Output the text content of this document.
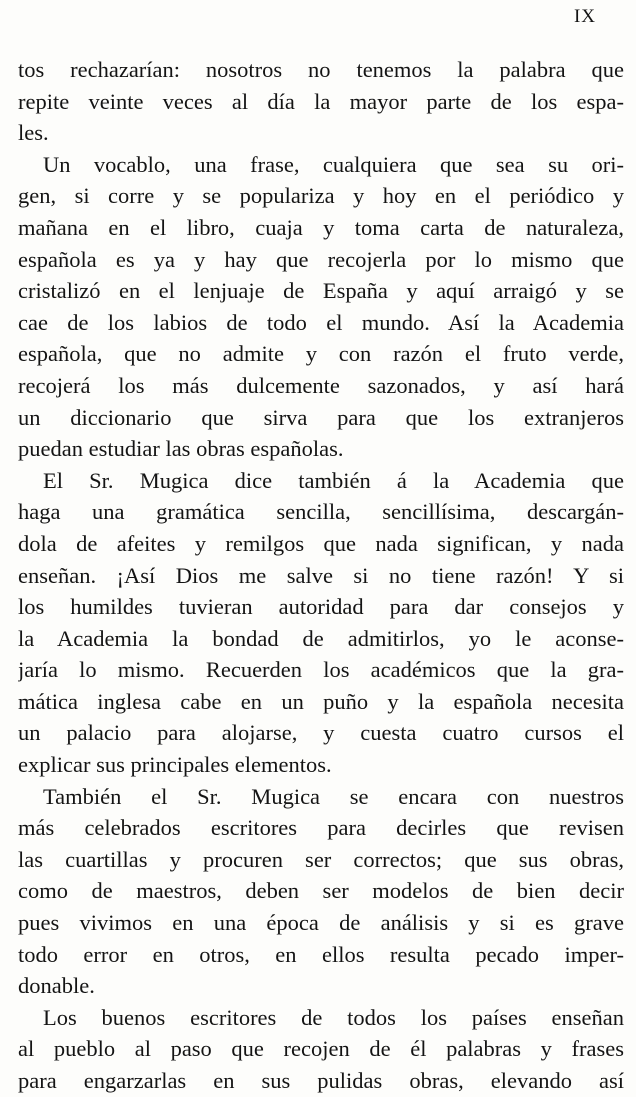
IX
tos rechazarían: nosotros no tenemos la palabra que
repite veinte veces al día la mayor parte de los espa-
les.
Un vocablo, una frase, cualquiera que sea su ori-
gen, si corre y se populariza y hoy en el periódico y
mañana en el libro, cuaja y toma carta de naturaleza,
española es ya y hay que recojerla por lo mismo que
cristalizó en el lenjuaje de España y aquí arraigó y se
cae de los labios de todo el mundo. Así la Academia
española, que no admite y con razón el fruto verde,
recojerá los más dulcemente sazonados, y así hará
un diccionario que sirva para que los extranjeros
puedan estudiar las obras españolas.
El Sr. Mugica dice también á la Academia que
haga una gramática sencilla, sencillísima, descargán-
dola de afeites y remilgos que nada significan, y nada
enseñan. ¡Así Dios me salve si no tiene razón! Y si
los humildes tuvieran autoridad para dar consejos y
la Academia la bondad de admitirlos, yo le aconse-
jaría lo mismo. Recuerden los académicos que la gra-
mática inglesa cabe en un puño y la española necesita
un palacio para alojarse, y cuesta cuatro cursos el
explicar sus principales elementos.
También el Sr. Mugica se encara con nuestros
más celebrados escritores para decirles que revisen
las cuartillas y procuren ser correctos; que sus obras,
como de maestros, deben ser modelos de bien decir
pues vivimos en una época de análisis y si es grave
todo error en otros, en ellos resulta pecado imper-
donable.
Los buenos escritores de todos los países enseñan
al pueblo al paso que recojen de él palabras y frases
para engarzarlas en sus pulidas obras, elevando así
